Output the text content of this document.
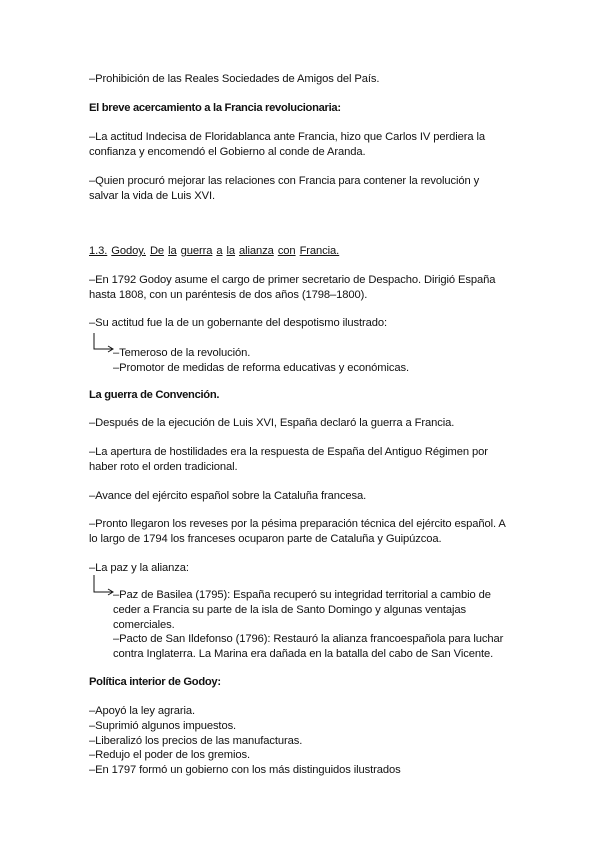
–Prohibición de las Reales Sociedades de Amigos del País.
El breve acercamiento a la Francia revolucionaria:
–La actitud Indecisa de Floridablanca ante Francia, hizo que Carlos IV perdiera la
confianza y encomendó el Gobierno al conde de Aranda.
–Quien procuró mejorar las relaciones con Francia para contener la revolución y
salvar la vida de Luis XVI.
1.3. Godoy. De la guerra a la alianza con Francia.
–En 1792 Godoy asume el cargo de primer secretario de Despacho. Dirigió España
hasta 1808, con un paréntesis de dos años (1798–1800).
–Su actitud fue la de un gobernante del despotismo ilustrado:
–Temeroso de la revolución.
–Promotor de medidas de reforma educativas y económicas.
La guerra de Convención.
–Después de la ejecución de Luis XVI, España declaró la guerra a Francia.
–La apertura de hostilidades era la respuesta de España del Antiguo Régimen por
haber roto el orden tradicional.
–Avance del ejército español sobre la Cataluña francesa.
–Pronto llegaron los reveses por la pésima preparación técnica del ejército español. A
lo largo de 1794 los franceses ocuparon parte de Cataluña y Guipúzcoa.
–La paz y la alianza:
–Paz de Basilea (1795): España recuperó su integridad territorial a cambio de
ceder a Francia su parte de la isla de Santo Domingo y algunas ventajas
comerciales.
–Pacto de San Ildefonso (1796): Restauró la alianza francoespañola para luchar
contra Inglaterra. La Marina era dañada en la batalla del cabo de San Vicente.
Política interior de Godoy:
–Apoyó la ley agraria.
–Suprimió algunos impuestos.
–Liberalizó los precios de las manufacturas.
–Redujo el poder de los gremios.
–En 1797 formó un gobierno con los más distinguidos ilustrados
